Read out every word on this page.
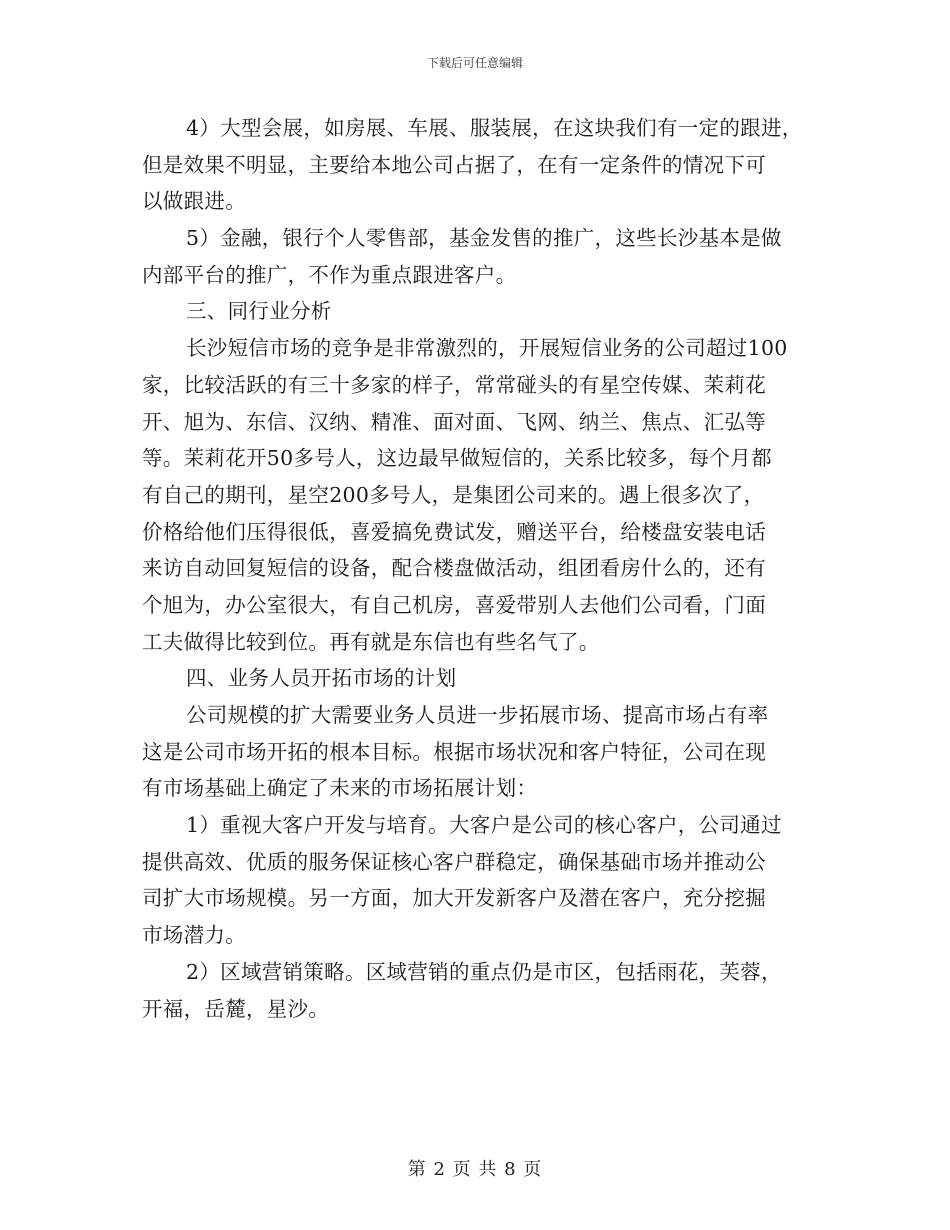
下载后可任意编辑
4）大型会展，如房展、车展、服装展，在这块我们有一定的跟进，
但是效果不明显，主要给本地公司占据了，在有一定条件的情况下可
以做跟进。
5）金融，银行个人零售部，基金发售的推广，这些长沙基本是做
内部平台的推广，不作为重点跟进客户。
三、同行业分析
长沙短信市场的竞争是非常激烈的，开展短信业务的公司超过100
家，比较活跃的有三十多家的样子，常常碰头的有星空传媒、茉莉花
开、旭为、东信、汉纳、精准、面对面、飞网、纳兰、焦点、汇弘等
等。茉莉花开50多号人，这边最早做短信的，关系比较多，每个月都
有自己的期刊，星空200多号人，是集团公司来的。遇上很多次了，
价格给他们压得很低，喜爱搞免费试发，赠送平台，给楼盘安装电话
来访自动回复短信的设备，配合楼盘做活动，组团看房什么的，还有
个旭为，办公室很大，有自己机房，喜爱带别人去他们公司看，门面
工夫做得比较到位。再有就是东信也有些名气了。
四、业务人员开拓市场的计划
公司规模的扩大需要业务人员进一步拓展市场、提高市场占有率
这是公司市场开拓的根本目标。根据市场状况和客户特征，公司在现
有市场基础上确定了未来的市场拓展计划：
1）重视大客户开发与培育。大客户是公司的核心客户，公司通过
提供高效、优质的服务保证核心客户群稳定，确保基础市场并推动公
司扩大市场规模。另一方面，加大开发新客户及潜在客户，充分挖掘
市场潜力。
2）区域营销策略。区域营销的重点仍是市区，包括雨花，芙蓉，
开福，岳麓，星沙。
第 2 页 共 8 页
